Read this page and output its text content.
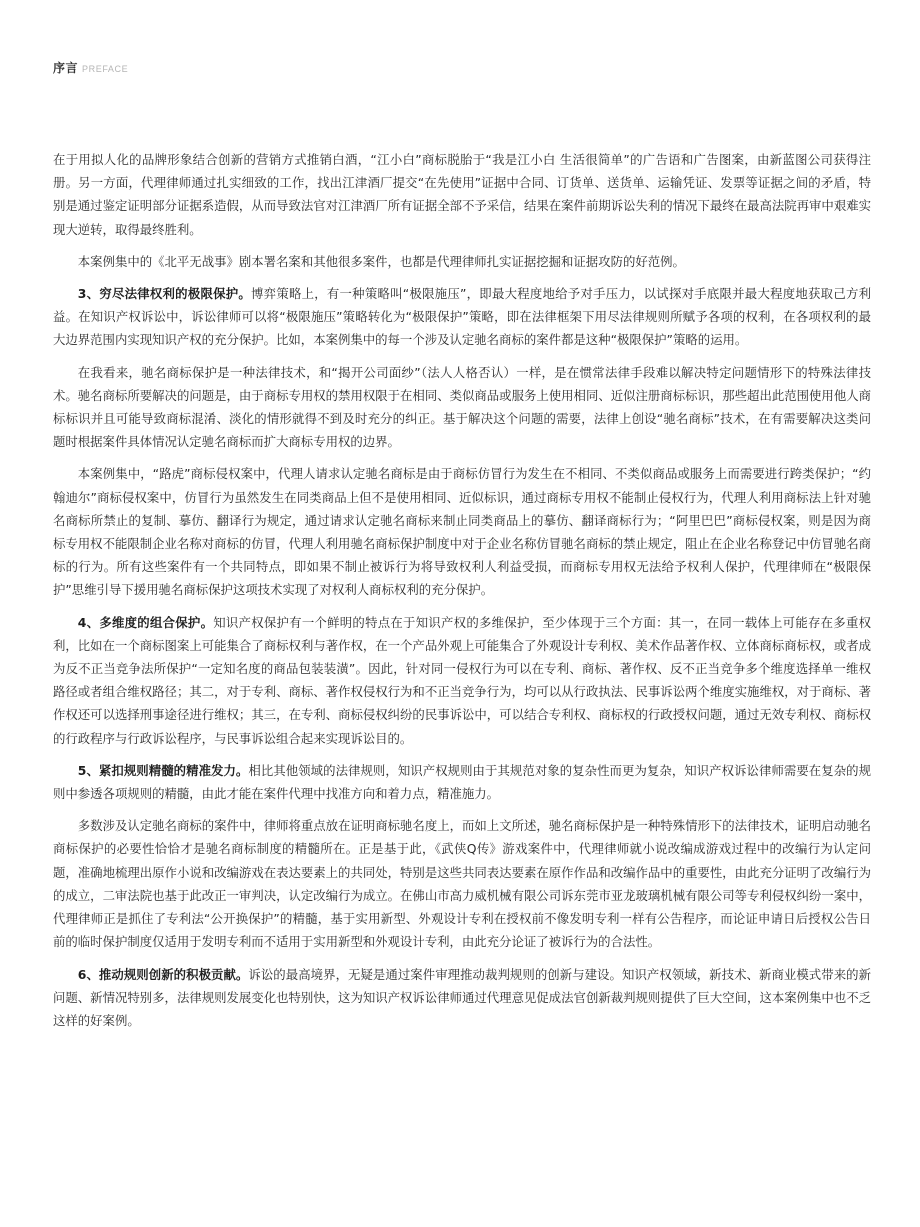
序言 PREFACE

在于用拟人化的品牌形象结合创新的营销方式推销白酒，“江小白”商标脱胎于“我是江小白 生活很简单”的广告语和广告图案，由新蓝图公司获得注册。另一方面，代理律师通过扎实细致的工作，找出江津酒厂提交“在先使用”证据中合同、订货单、送货单、运输凭证、发票等证据之间的矛盾，特别是通过鉴定证明部分证据系造假，从而导致法官对江津酒厂所有证据全部不予采信，结果在案件前期诉讼失利的情况下最终在最高法院再审中艰难实现大逆转，取得最终胜利。

本案例集中的《北平无战事》剧本署名案和其他很多案件，也都是代理律师扎实证据挖掘和证据攻防的好范例。

3、穷尽法律权利的极限保护。博弈策略上，有一种策略叫“极限施压”，即最大程度地给予对手压力，以试探对手底限并最大程度地获取己方利益。在知识产权诉讼中，诉讼律师可以将“极限施压”策略转化为“极限保护”策略，即在法律框架下用尽法律规则所赋予各项的权利，在各项权利的最大边界范围内实现知识产权的充分保护。比如，本案例集中的每一个涉及认定驰名商标的案件都是这种“极限保护”策略的运用。

在我看来，驰名商标保护是一种法律技术，和“揭开公司面纱”（法人人格否认）一样，是在惯常法律手段难以解决特定问题情形下的特殊法律技术。驰名商标所要解决的问题是，由于商标专用权的禁用权限于在相同、类似商品或服务上使用相同、近似注册商标标识，那些超出此范围使用他人商标标识并且可能导致商标混淆、淡化的情形就得不到及时充分的纠正。基于解决这个问题的需要，法律上创设“驰名商标”技术，在有需要解决这类问题时根据案件具体情况认定驰名商标而扩大商标专用权的边界。

本案例集中，“路虎”商标侵权案中，代理人请求认定驰名商标是由于商标仿冒行为发生在不相同、不类似商品或服务上而需要进行跨类保护；“约翰迪尔”商标侵权案中，仿冒行为虽然发生在同类商品上但不是使用相同、近似标识，通过商标专用权不能制止侵权行为，代理人利用商标法上针对驰名商标所禁止的复制、摹仿、翻译行为规定，通过请求认定驰名商标来制止同类商品上的摹仿、翻译商标行为；“阿里巴巴”商标侵权案，则是因为商标专用权不能限制企业名称对商标的仿冒，代理人利用驰名商标保护制度中对于企业名称仿冒驰名商标的禁止规定，阻止在企业名称登记中仿冒驰名商标的行为。所有这些案件有一个共同特点，即如果不制止被诉行为将导致权利人利益受损，而商标专用权无法给予权利人保护，代理律师在“极限保护”思维引导下援用驰名商标保护这项技术实现了对权利人商标权利的充分保护。

4、多维度的组合保护。知识产权保护有一个鲜明的特点在于知识产权的多维保护，至少体现于三个方面：其一，在同一载体上可能存在多重权利，比如在一个商标图案上可能集合了商标权利与著作权，在一个产品外观上可能集合了外观设计专利权、美术作品著作权、立体商标商标权，或者成为反不正当竞争法所保护“一定知名度的商品包装装潢”。因此，针对同一侵权行为可以在专利、商标、著作权、反不正当竞争多个维度选择单一维权路径或者组合维权路径；其二，对于专利、商标、著作权侵权行为和不正当竞争行为，均可以从行政执法、民事诉讼两个维度实施维权，对于商标、著作权还可以选择刑事途径进行维权；其三，在专利、商标侵权纠纷的民事诉讼中，可以结合专利权、商标权的行政授权问题，通过无效专利权、商标权的行政程序与行政诉讼程序，与民事诉讼组合起来实现诉讼目的。

5、紧扣规则精髓的精准发力。相比其他领域的法律规则，知识产权规则由于其规范对象的复杂性而更为复杂，知识产权诉讼律师需要在复杂的规则中参透各项规则的精髓，由此才能在案件代理中找准方向和着力点，精准施力。

多数涉及认定驰名商标的案件中，律师将重点放在证明商标驰名度上，而如上文所述，驰名商标保护是一种特殊情形下的法律技术，证明启动驰名商标保护的必要性恰恰才是驰名商标制度的精髓所在。正是基于此，《武侠Q传》游戏案件中，代理律师就小说改编成游戏过程中的改编行为认定问题，准确地梳理出原作小说和改编游戏在表达要素上的共同处，特别是这些共同表达要素在原作作品和改编作品中的重要性，由此充分证明了改编行为的成立，二审法院也基于此改正一审判决，认定改编行为成立。在佛山市高力威机械有限公司诉东莞市亚龙玻璃机械有限公司等专利侵权纠纷一案中，代理律师正是抓住了专利法“公开换保护”的精髓，基于实用新型、外观设计专利在授权前不像发明专利一样有公告程序，而论证申请日后授权公告日前的临时保护制度仅适用于发明专利而不适用于实用新型和外观设计专利，由此充分论证了被诉行为的合法性。

6、推动规则创新的积极贡献。诉讼的最高境界，无疑是通过案件审理推动裁判规则的创新与建设。知识产权领域，新技术、新商业模式带来的新问题、新情况特别多，法律规则发展变化也特别快，这为知识产权诉讼律师通过代理意见促成法官创新裁判规则提供了巨大空间，这本案例集中也不乏这样的好案例。
